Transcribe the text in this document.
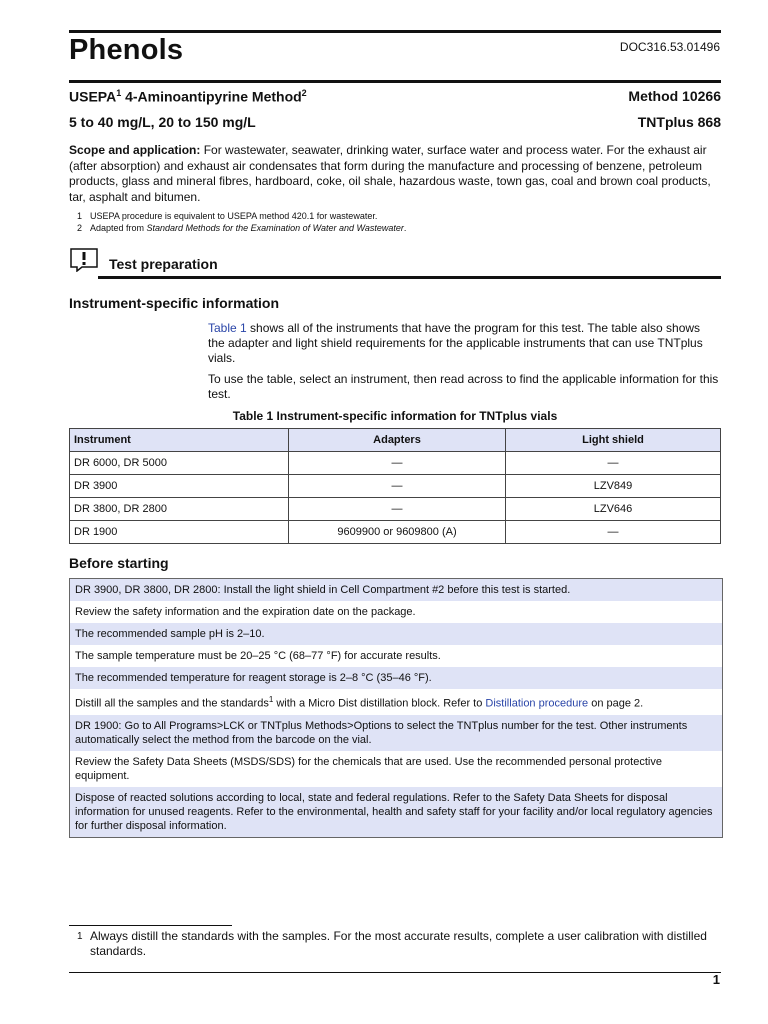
Phenols	DOC316.53.01496
USEPA$^1$ 4-Aminoantipyrine Method$^2$	Method 10266
5 to 40 mg/L, 20 to 150 mg/L	TNTplus 868
Scope and application: For wastewater, seawater, drinking water, surface water and process water. For the exhaust air (after absorption) and exhaust air condensates that form during the manufacture and processing of benzene, petroleum products, glass and mineral fibres, hardboard, coke, oil shale, hazardous waste, town gas, coal and brown coal products, tar, asphalt and bitumen.
1 USEPA procedure is equivalent to USEPA method 420.1 for wastewater.
2 Adapted from Standard Methods for the Examination of Water and Wastewater.
Test preparation
Instrument-specific information
Table 1 shows all of the instruments that have the program for this test. The table also shows the adapter and light shield requirements for the applicable instruments that can use TNTplus vials.
To use the table, select an instrument, then read across to find the applicable information for this test.
Table 1 Instrument-specific information for TNTplus vials
Instrument	Adapters	Light shield
DR 6000, DR 5000	—	—
DR 3900	—	LZV849
DR 3800, DR 2800	—	LZV646
DR 1900	9609900 or 9609800 (A)	—
Before starting
DR 3900, DR 3800, DR 2800: Install the light shield in Cell Compartment #2 before this test is started.
Review the safety information and the expiration date on the package.
The recommended sample pH is 2–10.
The sample temperature must be 20–25 °C (68–77 °F) for accurate results.
The recommended temperature for reagent storage is 2–8 °C (35–46 °F).
Distill all the samples and the standards$^1$ with a Micro Dist distillation block. Refer to Distillation procedure on page 2.
DR 1900: Go to All Programs>LCK or TNTplus Methods>Options to select the TNTplus number for the test. Other instruments automatically select the method from the barcode on the vial.
Review the Safety Data Sheets (MSDS/SDS) for the chemicals that are used. Use the recommended personal protective equipment.
Dispose of reacted solutions according to local, state and federal regulations. Refer to the Safety Data Sheets for disposal information for unused reagents. Refer to the environmental, health and safety staff for your facility and/or local regulatory agencies for further disposal information.
1 Always distill the standards with the samples. For the most accurate results, complete a user calibration with distilled standards.
1
